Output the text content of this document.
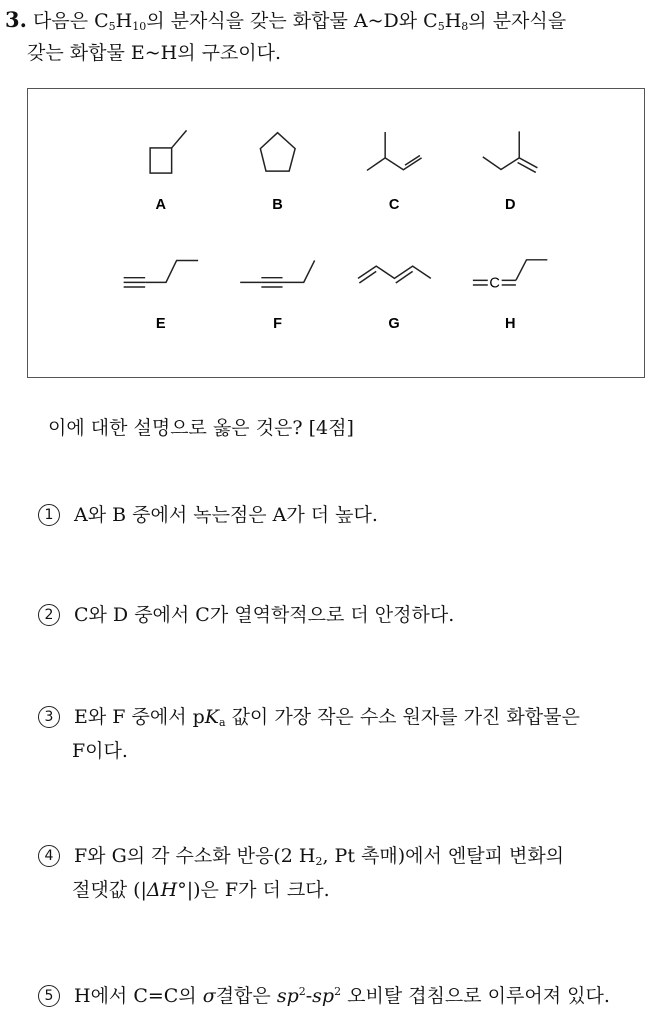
3. 다음은 $C_5H_{10}$의 분자식을 갖는 화합물 A~D와 $C_5H_8$의 분자식을
갖는 화합물 E~H의 구조이다.
C
A B C D
E F G H
이에 대한 설명으로 옳은 것은? [4점]
1 A와 B 중에서 녹는점은 A가 더 높다.
2 C와 D 중에서 C가 열역학적으로 더 안정하다.
3 E와 F 중에서 $pK_a$ 값이 가장 작은 수소 원자를 가진 화합물은
F이다.
4 F와 G의 각 수소화 반응(2 $H_2$, Pt 촉매)에서 엔탈피 변화의
절댓값 (|ΔH°|)은 F가 더 크다.
5 H에서 C=C의 σ결합은 $sp^2-sp^2$ 오비탈 겹침으로 이루어져 있다.
